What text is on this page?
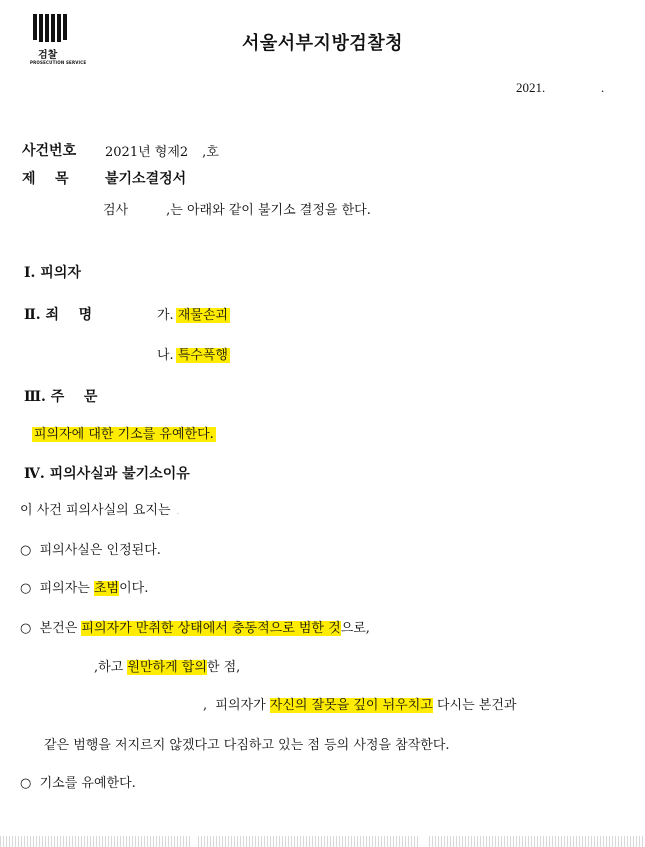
검찰
PROSECUTION SERVICE
서울서부지방검찰청
2021.	.
사건번호 2021년 형제2 ,호
제    목	불기소결정서
검사	,는 아래와 같이 불기소 결정을 한다.
Ⅰ. 피의자
Ⅱ. 죄    명	가. 재물손괴
나. 특수폭행
Ⅲ. 주    문
피의자에 대한 기소를 유예한다.
Ⅳ. 피의사실과 불기소이유
이 사건 피의사실의 요지는 .
○  피의사실은 인정된다.
○  피의자는 초범이다.
○  본건은 피의자가 만취한 상태에서 충동적으로 범한 것으로,
,하고 원만하게 합의한 점,
,  피의자가 자신의 잘못을 깊이 뉘우치고 다시는 본건과
같은 범행을 저지르지 않겠다고 다짐하고 있는 점 등의 사정을 참작한다.
○  기소를 유예한다.
